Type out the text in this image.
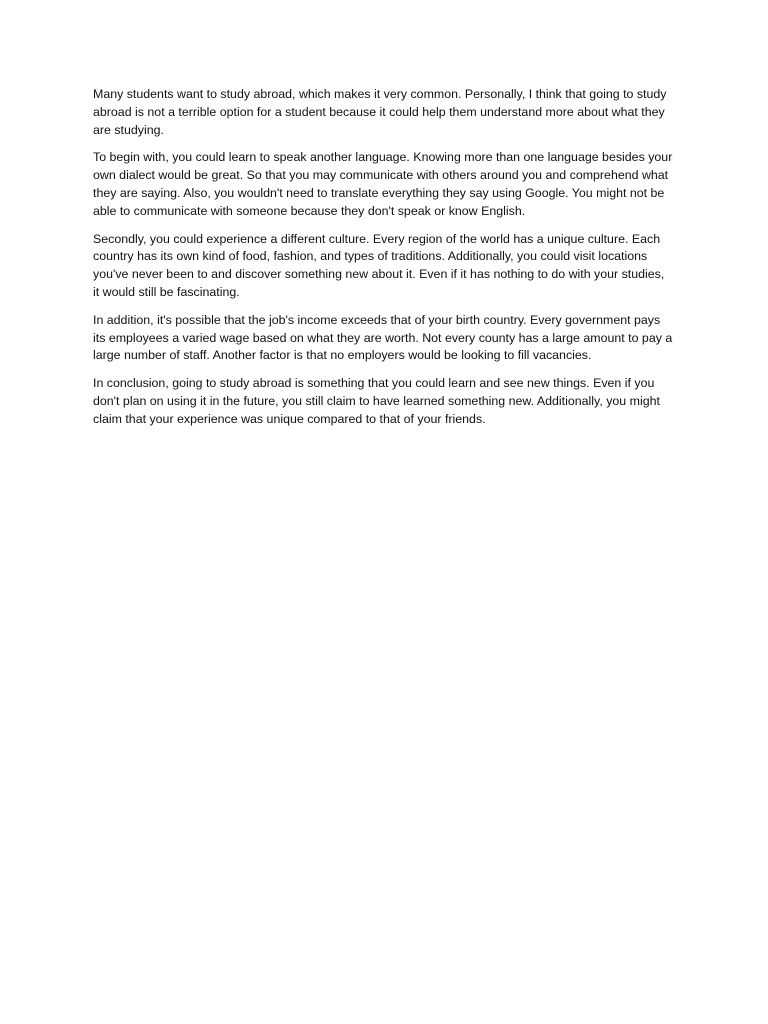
Many students want to study abroad, which makes it very common. Personally, I think that going to study abroad is not a terrible option for a student because it could help them understand more about what they are studying.

To begin with, you could learn to speak another language. Knowing more than one language besides your own dialect would be great. So that you may communicate with others around you and comprehend what they are saying. Also, you wouldn't need to translate everything they say using Google. You might not be able to communicate with someone because they don't speak or know English.

Secondly, you could experience a different culture. Every region of the world has a unique culture. Each country has its own kind of food, fashion, and types of traditions. Additionally, you could visit locations you've never been to and discover something new about it. Even if it has nothing to do with your studies, it would still be fascinating.

In addition, it's possible that the job's income exceeds that of your birth country. Every government pays its employees a varied wage based on what they are worth. Not every county has a large amount to pay a large number of staff. Another factor is that no employers would be looking to fill vacancies.

In conclusion, going to study abroad is something that you could learn and see new things. Even if you don't plan on using it in the future, you still claim to have learned something new. Additionally, you might claim that your experience was unique compared to that of your friends.
